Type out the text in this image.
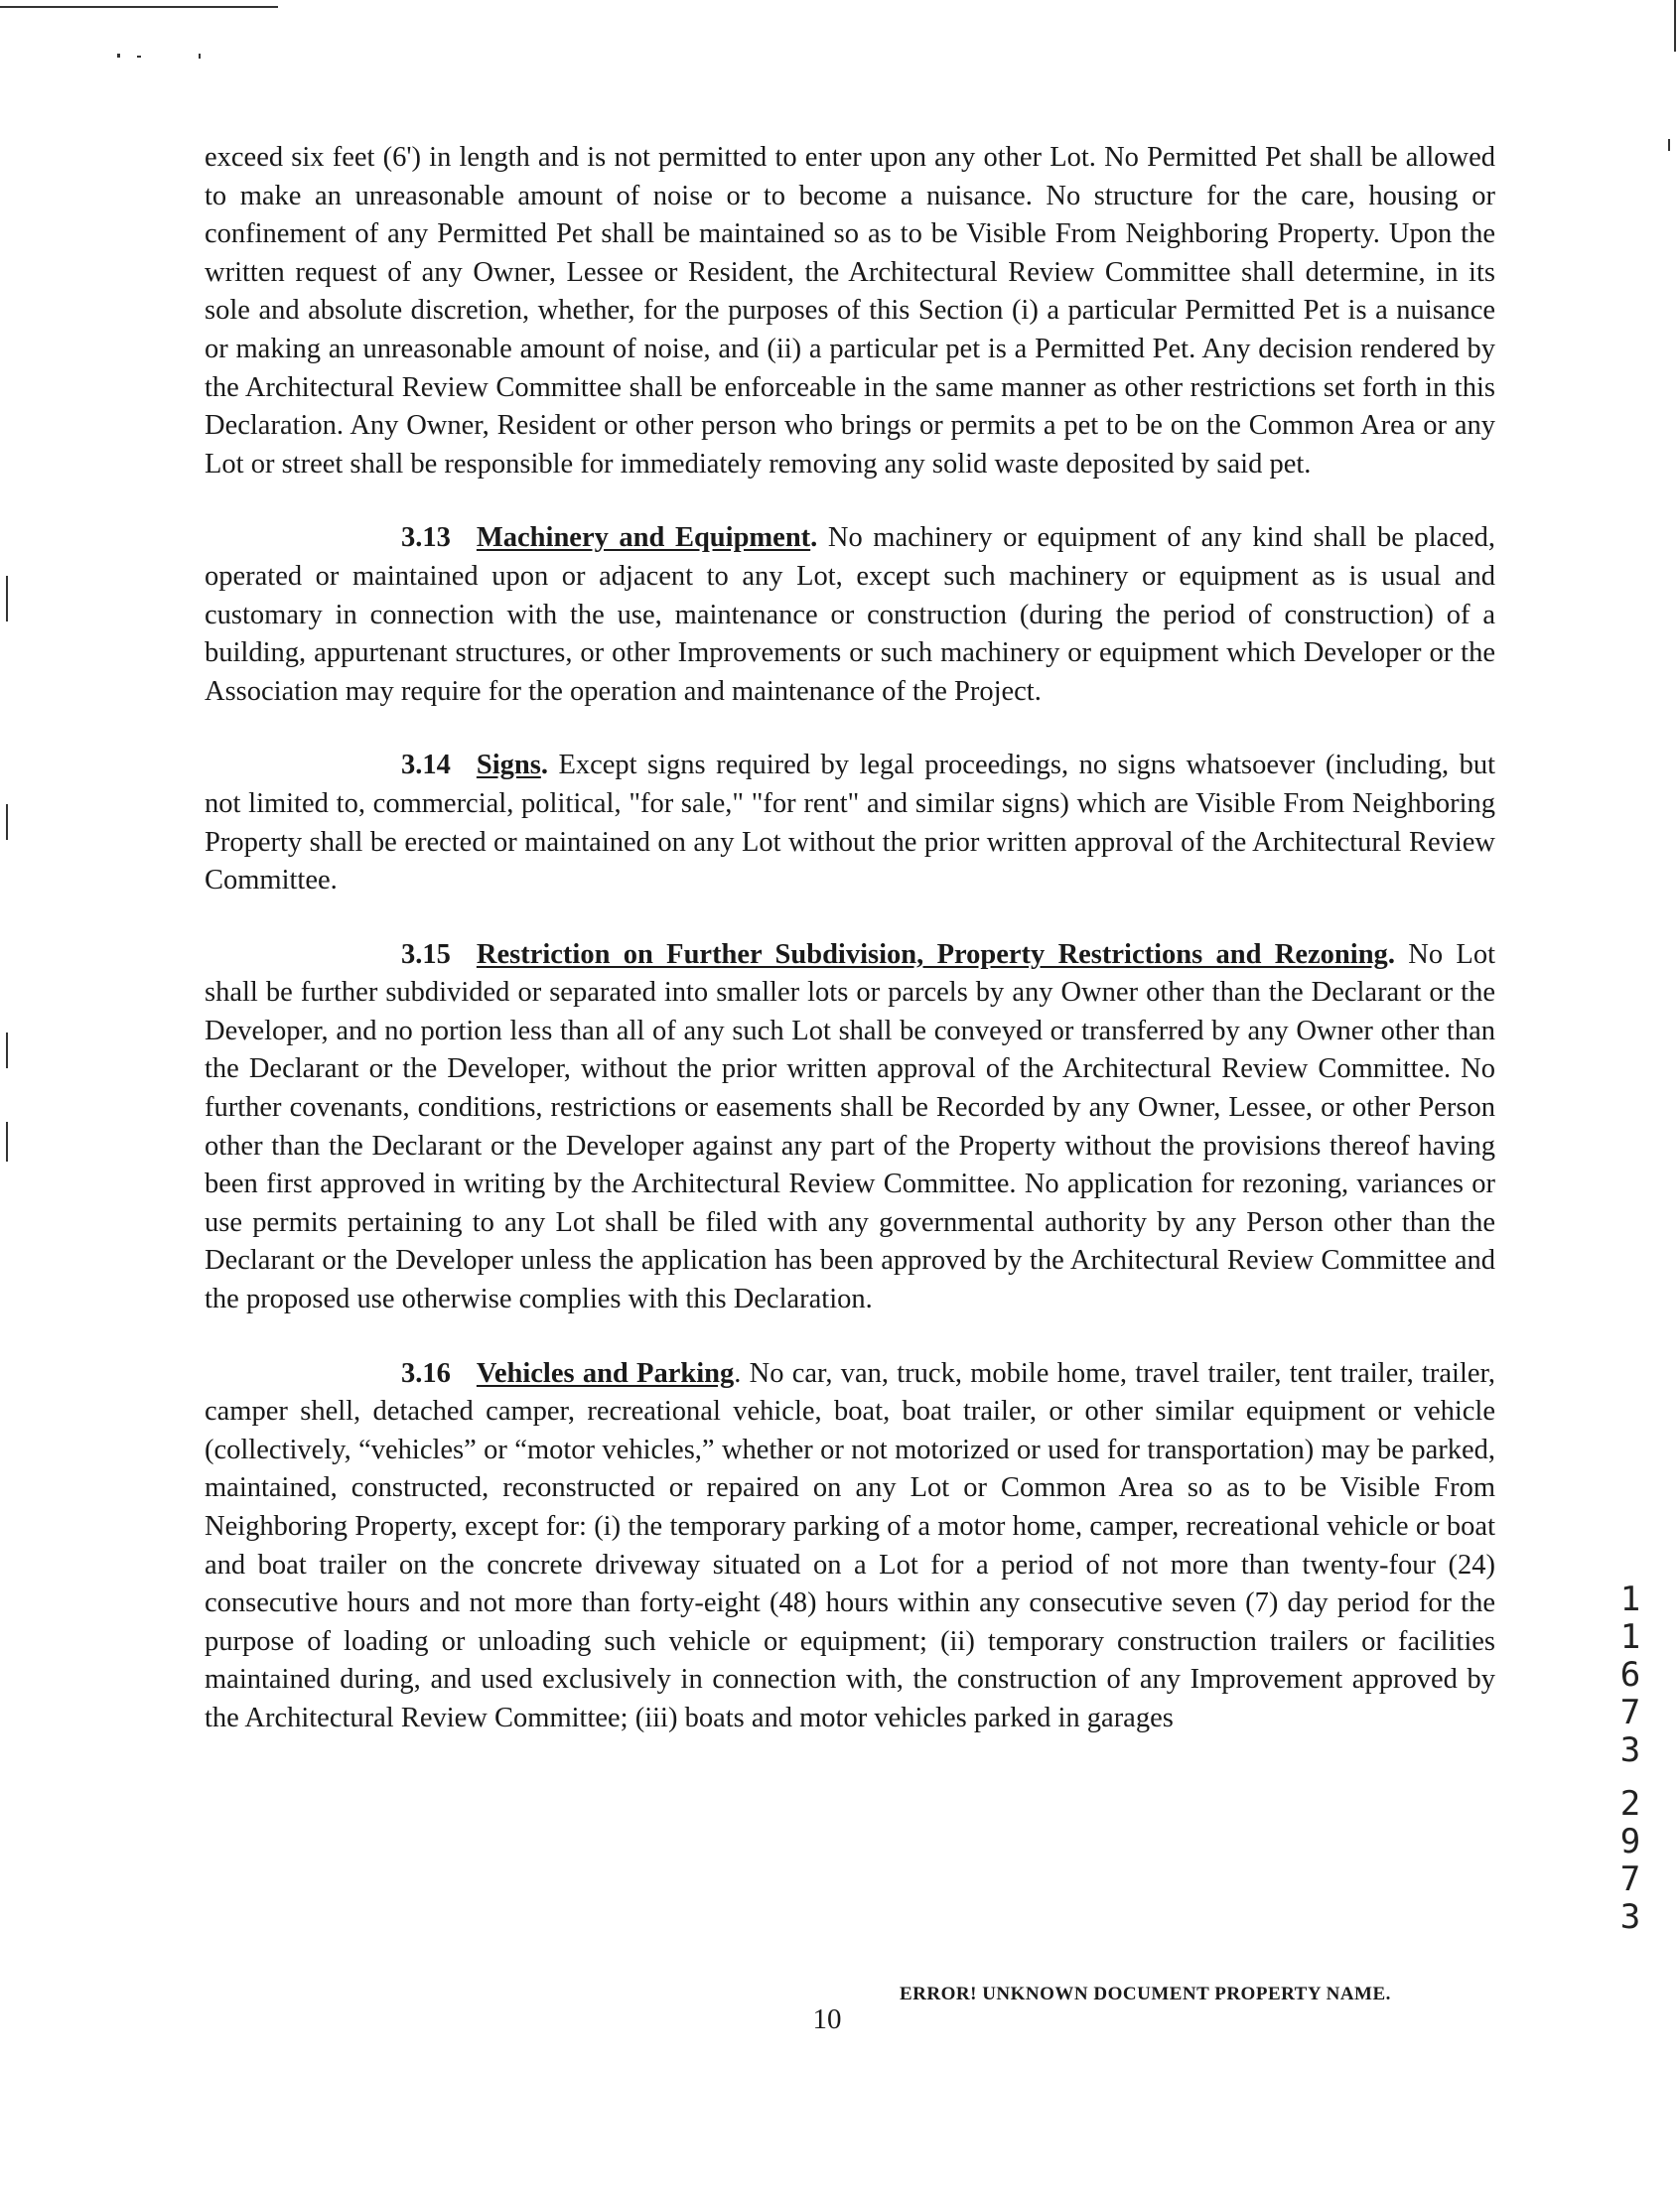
exceed six feet (6') in length and is not permitted to enter upon any other Lot. No Permitted Pet shall be allowed to make an unreasonable amount of noise or to become a nuisance. No structure for the care, housing or confinement of any Permitted Pet shall be maintained so as to be Visible From Neighboring Property. Upon the written request of any Owner, Lessee or Resident, the Architectural Review Committee shall determine, in its sole and absolute discretion, whether, for the purposes of this Section (i) a particular Permitted Pet is a nuisance or making an unreasonable amount of noise, and (ii) a particular pet is a Permitted Pet. Any decision rendered by the Architectural Review Committee shall be enforceable in the same manner as other restrictions set forth in this Declaration. Any Owner, Resident or other person who brings or permits a pet to be on the Common Area or any Lot or street shall be responsible for immediately removing any solid waste deposited by said pet.

3.13 Machinery and Equipment. No machinery or equipment of any kind shall be placed, operated or maintained upon or adjacent to any Lot, except such machinery or equipment as is usual and customary in connection with the use, maintenance or construction (during the period of construction) of a building, appurtenant structures, or other Improvements or such machinery or equipment which Developer or the Association may require for the operation and maintenance of the Project.

3.14 Signs. Except signs required by legal proceedings, no signs whatsoever (including, but not limited to, commercial, political, "for sale," "for rent" and similar signs) which are Visible From Neighboring Property shall be erected or maintained on any Lot without the prior written approval of the Architectural Review Committee.

3.15 Restriction on Further Subdivision, Property Restrictions and Rezoning. No Lot shall be further subdivided or separated into smaller lots or parcels by any Owner other than the Declarant or the Developer, and no portion less than all of any such Lot shall be conveyed or transferred by any Owner other than the Declarant or the Developer, without the prior written approval of the Architectural Review Committee. No further covenants, conditions, restrictions or easements shall be Recorded by any Owner, Lessee, or other Person other than the Declarant or the Developer against any part of the Property without the provisions thereof having been first approved in writing by the Architectural Review Committee. No application for rezoning, variances or use permits pertaining to any Lot shall be filed with any governmental authority by any Person other than the Declarant or the Developer unless the application has been approved by the Architectural Review Committee and the proposed use otherwise complies with this Declaration.

3.16 Vehicles and Parking. No car, van, truck, mobile home, travel trailer, tent trailer, trailer, camper shell, detached camper, recreational vehicle, boat, boat trailer, or other similar equipment or vehicle (collectively, “vehicles” or “motor vehicles,” whether or not motorized or used for transportation) may be parked, maintained, constructed, reconstructed or repaired on any Lot or Common Area so as to be Visible From Neighboring Property, except for: (i) the temporary parking of a motor home, camper, recreational vehicle or boat and boat trailer on the concrete driveway situated on a Lot for a period of not more than twenty-four (24) consecutive hours and not more than forty-eight (48) hours within any consecutive seven (7) day period for the purpose of loading or unloading such vehicle or equipment; (ii) temporary construction trailers or facilities maintained during, and used exclusively in connection with, the construction of any Improvement approved by the Architectural Review Committee; (iii) boats and motor vehicles parked in garages

1
1
6
7
3
2
9
7
3
ERROR! UNKNOWN DOCUMENT PROPERTY NAME.
10
